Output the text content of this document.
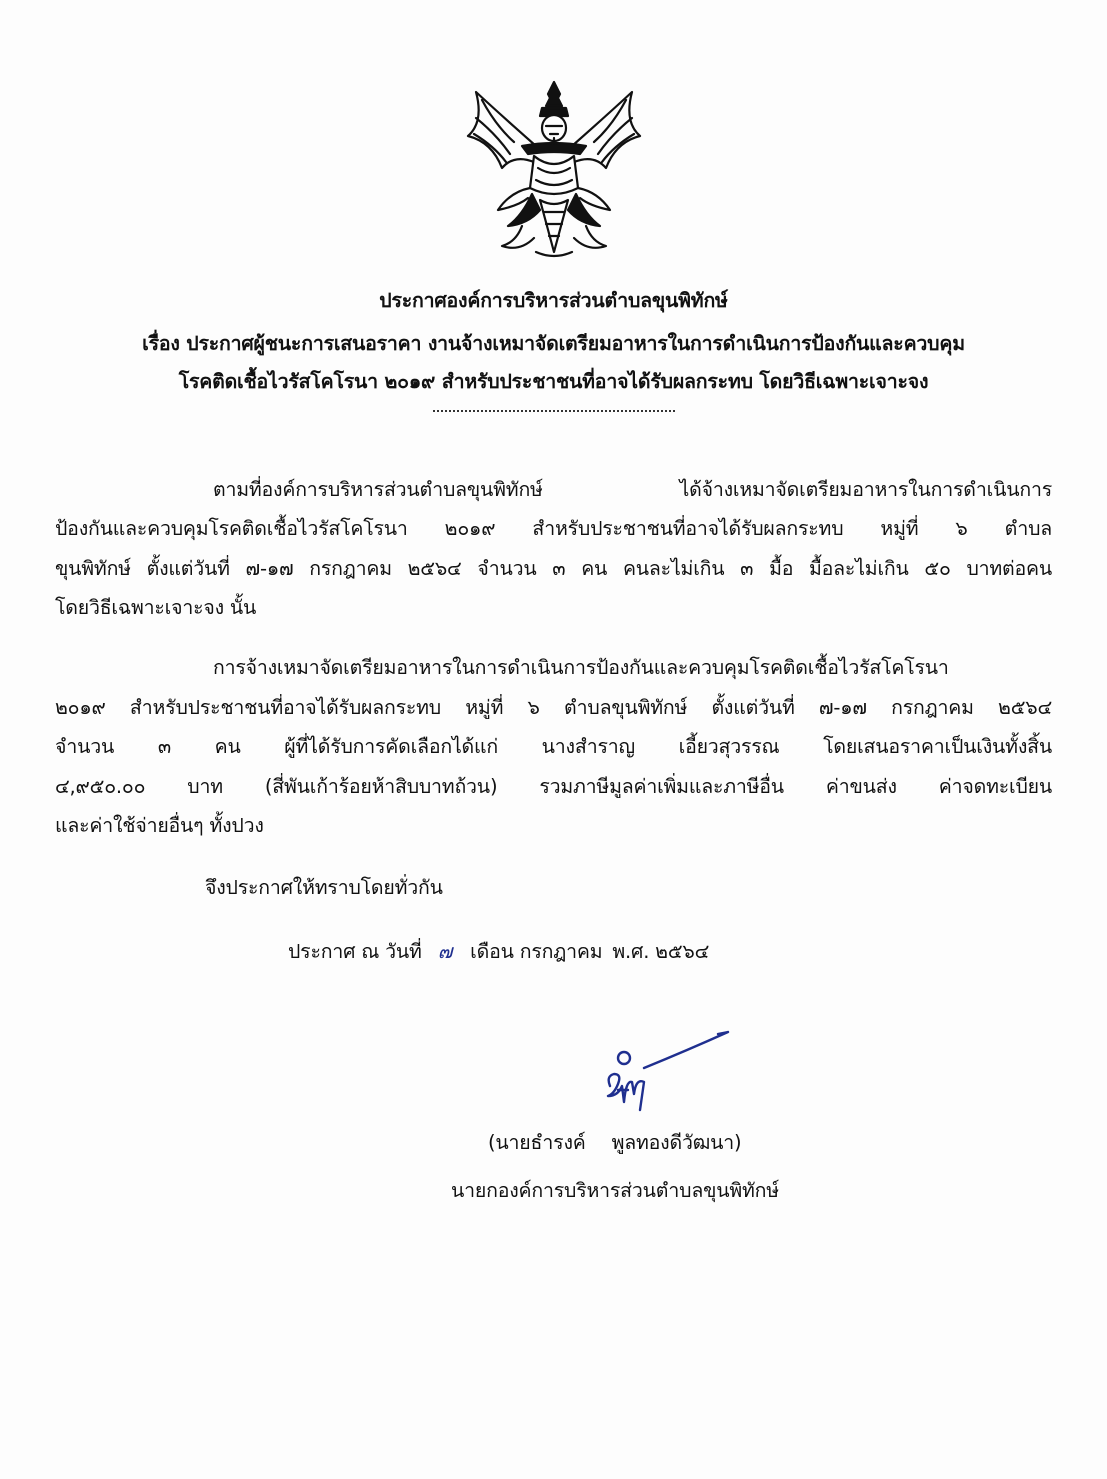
ประกาศองค์การบริหารส่วนตำบลขุนพิทักษ์
เรื่อง ประกาศผู้ชนะการเสนอราคา งานจ้างเหมาจัดเตรียมอาหารในการดำเนินการป้องกันและควบคุม
โรคติดเชื้อไวรัสโคโรนา ๒๐๑๙ สำหรับประชาชนที่อาจได้รับผลกระทบ โดยวิธีเฉพาะเจาะจง
ตามที่องค์การบริหารส่วนตำบลขุนพิทักษ์ ได้จ้างเหมาจัดเตรียมอาหารในการดำเนินการ
ป้องกันและควบคุมโรคติดเชื้อไวรัสโคโรนา ๒๐๑๙ สำหรับประชาชนที่อาจได้รับผลกระทบ หมู่ที่ ๖ ตำบล
ขุนพิทักษ์ ตั้งแต่วันที่ ๗-๑๗ กรกฎาคม ๒๕๖๔ จำนวน ๓ คน คนละไม่เกิน ๓ มื้อ มื้อละไม่เกิน ๕๐ บาทต่อคน
โดยวิธีเฉพาะเจาะจง นั้น
การจ้างเหมาจัดเตรียมอาหารในการดำเนินการป้องกันและควบคุมโรคติดเชื้อไวรัสโคโรนา
๒๐๑๙ สำหรับประชาชนที่อาจได้รับผลกระทบ หมู่ที่ ๖ ตำบลขุนพิทักษ์ ตั้งแต่วันที่ ๗-๑๗ กรกฎาคม ๒๕๖๔
จำนวน ๓ คน ผู้ที่ได้รับการคัดเลือกได้แก่ นางสำราญ เอี้ยวสุวรรณ โดยเสนอราคาเป็นเงินทั้งสิ้น
๔,๙๕๐.๐๐ บาท (สี่พันเก้าร้อยห้าสิบบาทถ้วน) รวมภาษีมูลค่าเพิ่มและภาษีอื่น ค่าขนส่ง ค่าจดทะเบียน
และค่าใช้จ่ายอื่นๆ ทั้งปวง
จึงประกาศให้ทราบโดยทั่วกัน
ประกาศ ณ วันที่ ๗ เดือน กรกฎาคม พ.ศ. ๒๕๖๔
(นายธำรงค์ พูลทองดีวัฒนา)
นายกองค์การบริหารส่วนตำบลขุนพิทักษ์
